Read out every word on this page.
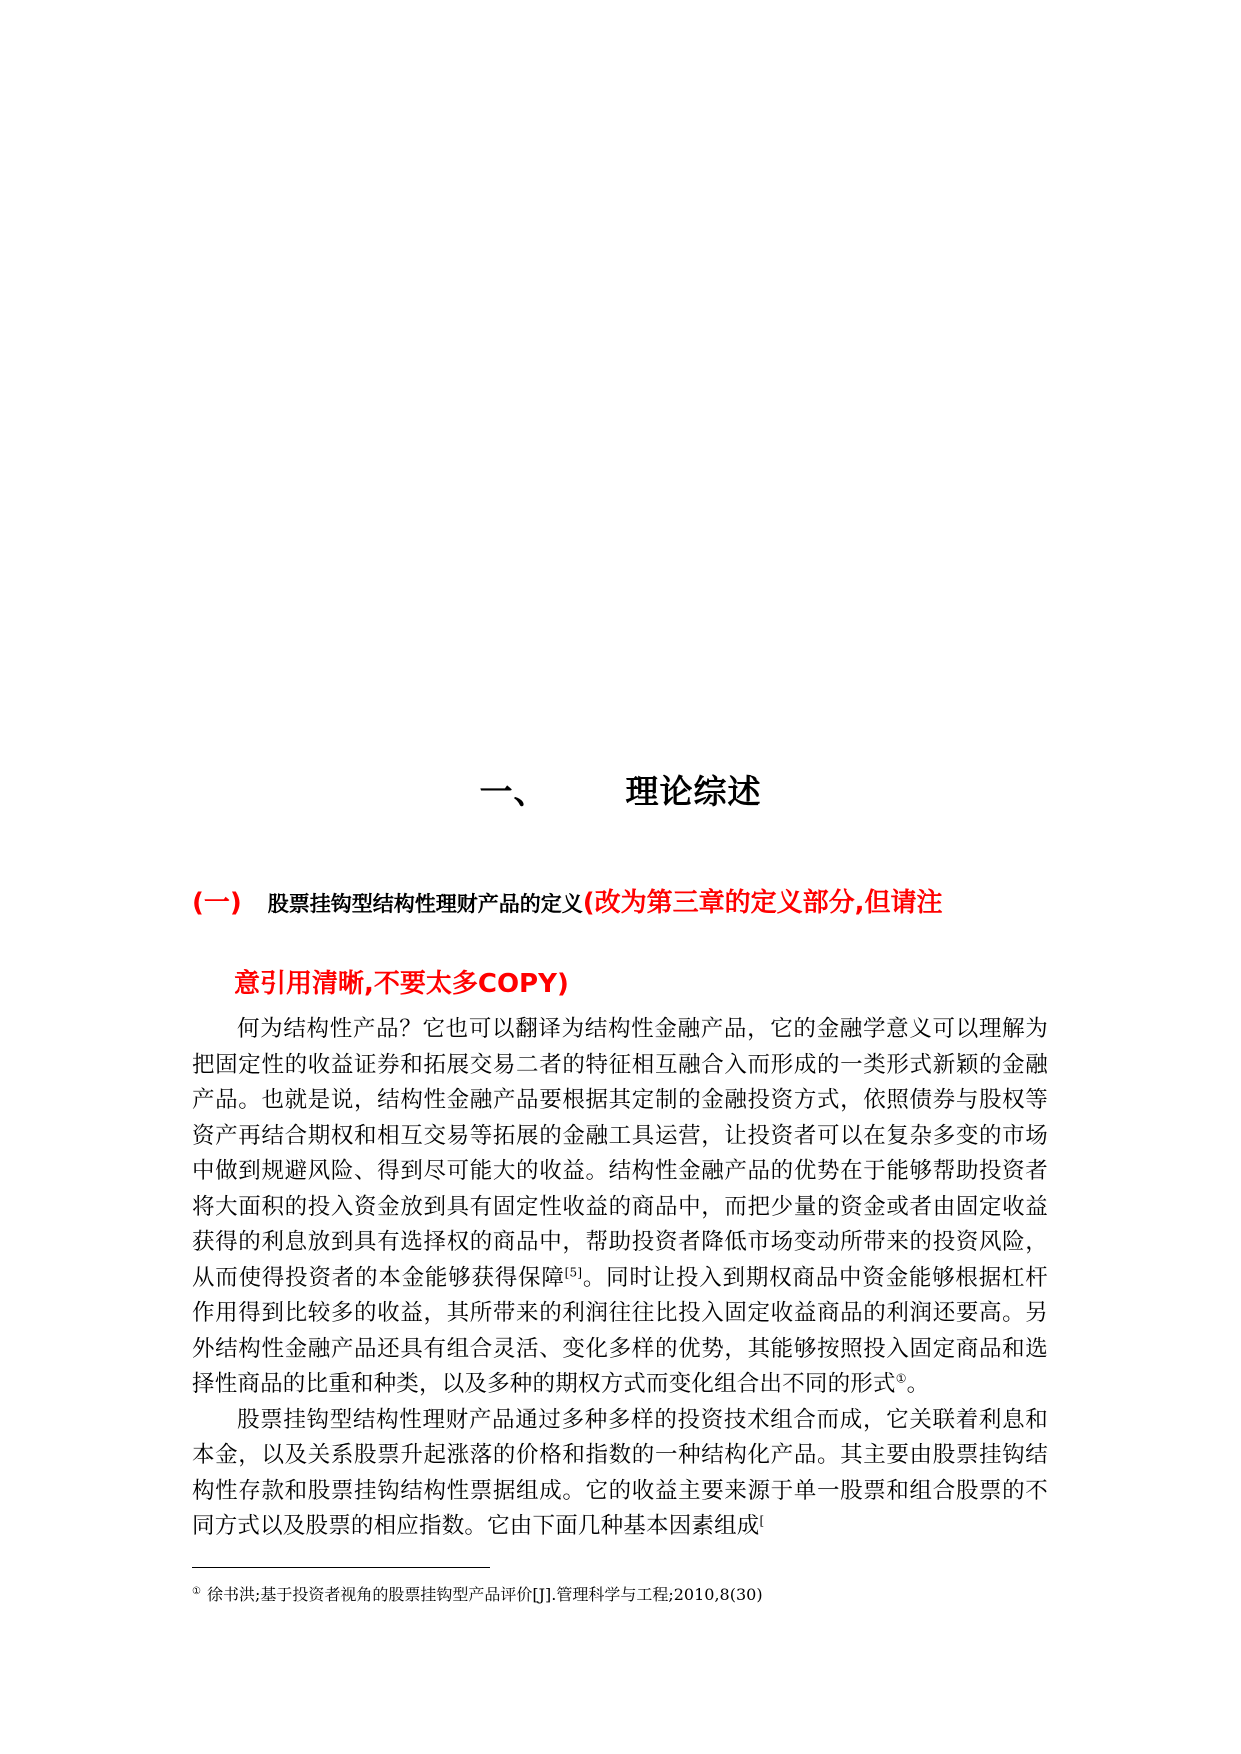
一、 理论综述
(一) 股票挂钩型结构性理财产品的定义(改为第三章的定义部分,但请注
意引用清晰,不要太多COPY)

何为结构性产品？它也可以翻译为结构性金融产品，它的金融学意义可以理解为把固定性的收益证券和拓展交易二者的特征相互融合入而形成的一类形式新颖的金融产品。也就是说，结构性金融产品要根据其定制的金融投资方式，依照债券与股权等资产再结合期权和相互交易等拓展的金融工具运营，让投资者可以在复杂多变的市场中做到规避风险、得到尽可能大的收益。结构性金融产品的优势在于能够帮助投资者将大面积的投入资金放到具有固定性收益的商品中，而把少量的资金或者由固定收益获得的利息放到具有选择权的商品中，帮助投资者降低市场变动所带来的投资风险，从而使得投资者的本金能够获得保障[5]。同时让投入到期权商品中资金能够根据杠杆作用得到比较多的收益，其所带来的利润往往比投入固定收益商品的利润还要高。另外结构性金融产品还具有组合灵活、变化多样的优势，其能够按照投入固定商品和选择性商品的比重和种类，以及多种的期权方式而变化组合出不同的形式①。

股票挂钩型结构性理财产品通过多种多样的投资技术组合而成，它关联着利息和本金，以及关系股票升起涨落的价格和指数的一种结构化产品。其主要由股票挂钩结构性存款和股票挂钩结构性票据组成。它的收益主要来源于单一股票和组合股票的不同方式以及股票的相应指数。它由下面几种基本因素组成[

① 徐书洪;基于投资者视角的股票挂钩型产品评价[J].管理科学与工程;2010,8(30)
